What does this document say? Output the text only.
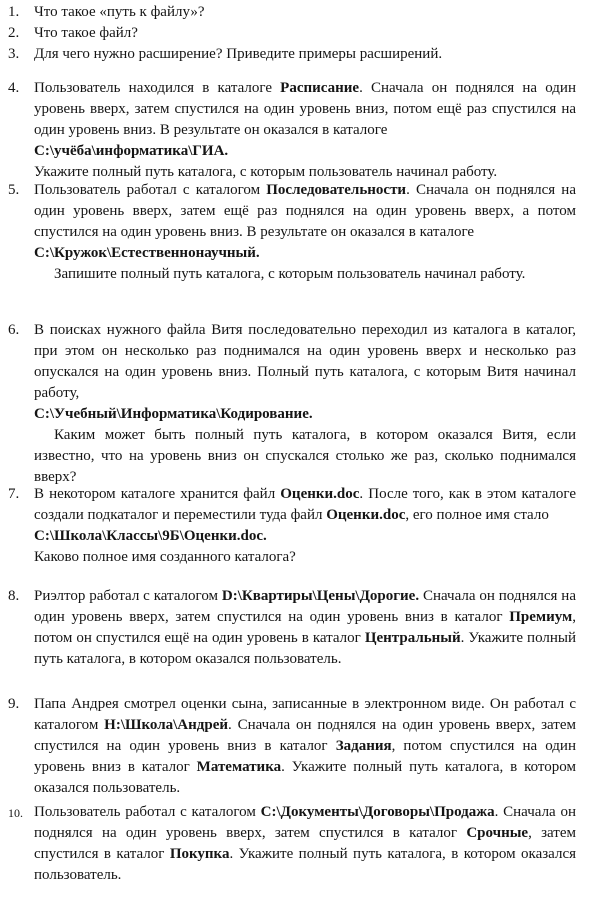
1. Что такое «путь к файлу»?
2. Что такое файл?
3. Для чего нужно расширение? Приведите примеры расширений.
4. Пользователь находился в каталоге Расписание. Сначала он поднялся на один уровень вверх, затем спустился на один уровень вниз, потом ещё раз спустился на один уровень вниз. В результате он оказался в каталоге
С:\учёба\информатика\ГИА.
Укажите полный путь каталога, с которым пользователь начинал работу.
5. Пользователь работал с каталогом Последовательности. Сначала он поднялся на один уровень вверх, затем ещё раз поднялся на один уровень вверх, а потом спустился на один уровень вниз. В результате он оказался в каталоге
С:\Кружок\Естественнонаучный.
Запишите полный путь каталога, с которым пользователь начинал работу.
6. В поисках нужного файла Витя последовательно переходил из каталога в каталог, при этом он несколько раз поднимался на один уровень вверх и несколько раз опускался на один уровень вниз. Полный путь каталога, с которым Витя начинал работу,
С:\Учебный\Информатика\Кодирование.
Каким может быть полный путь каталога, в котором оказался Витя, если известно, что на уровень вниз он спускался столько же раз, сколько поднимался вверх?
7. В некотором каталоге хранится файл Оценки.doc. После того, как в этом каталоге создали подкаталог и переместили туда файл Оценки.doc, его полное имя стало
С:\Школа\Классы\9Б\Оценки.doc.
Каково полное имя созданного каталога?
8. Риэлтор работал с каталогом D:\Квартиры\Цены\Дорогие. Сначала он поднялся на один уровень вверх, затем спустился на один уровень вниз в каталог Премиум, потом он спустился ещё на один уровень в каталог Центральный. Укажите полный путь каталога, в котором оказался пользователь.
9. Папа Андрея смотрел оценки сына, записанные в электронном виде. Он работал с каталогом H:\Школа\Андрей. Сначала он поднялся на один уровень вверх, затем спустился на один уровень вниз в каталог Задания, потом спустился на один уровень вниз в каталог Математика. Укажите полный путь каталога, в котором оказался пользователь.
10. Пользователь работал с каталогом С:\Документы\Договоры\Продажа. Сначала он поднялся на один уровень вверх, затем спустился в каталог Срочные, затем спустился в каталог Покупка. Укажите полный путь каталога, в котором оказался пользователь.
